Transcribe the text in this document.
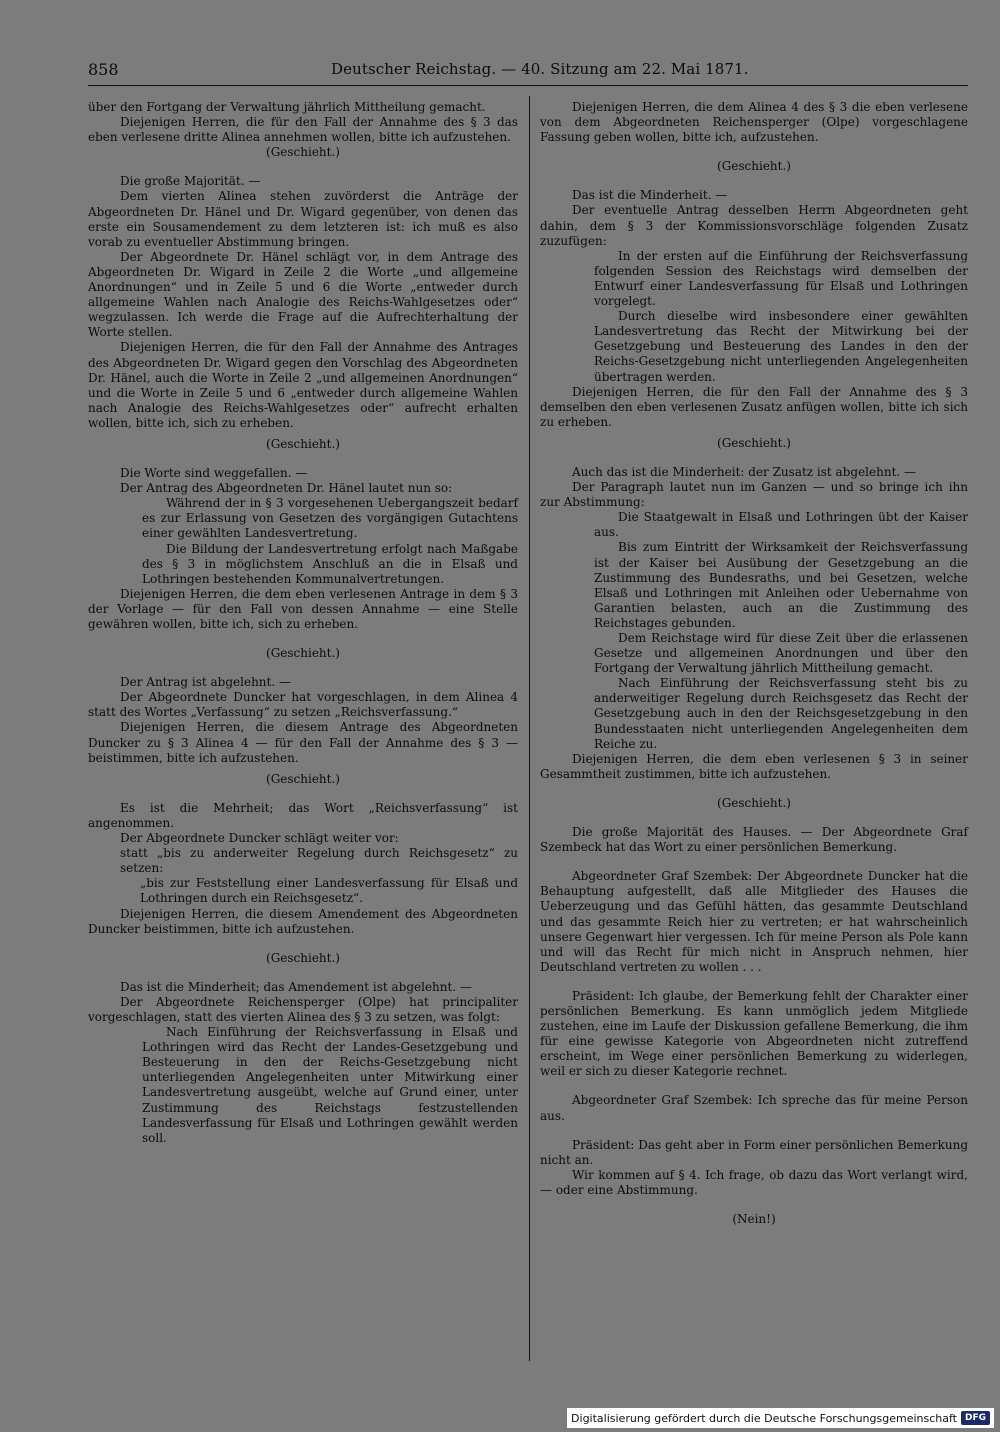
858	Deutscher Reichstag. — 40. Sitzung am 22. Mai 1871.

über den Fortgang der Verwaltung jährlich Mittheilung gemacht.

Diejenigen Herren, die für den Fall der Annahme des § 3 das eben verlesene dritte Alinea annehmen wollen, bitte ich aufzustehen.

(Geschieht.)

Die große Majorität. —

Dem vierten Alinea stehen zuvörderst die Anträge der Abgeordneten Dr. Hänel und Dr. Wigard gegenüber, von denen das erste ein Sousamendement zu dem letzteren ist: ich muß es also vorab zu eventueller Abstimmung bringen.

Der Abgeordnete Dr. Hänel schlägt vor, in dem Antrage des Abgeordneten Dr. Wigard in Zeile 2 die Worte „und allgemeine Anordnungen“ und in Zeile 5 und 6 die Worte „entweder durch allgemeine Wahlen nach Analogie des Reichs-Wahlgesetzes oder“ wegzulassen. Ich werde die Frage auf die Aufrechterhaltung der Worte stellen.

Diejenigen Herren, die für den Fall der Annahme des Antrages des Abgeordneten Dr. Wigard gegen den Vorschlag des Abgeordneten Dr. Hänel, auch die Worte in Zeile 2 „und allgemeinen Anordnungen“ und die Worte in Zeile 5 und 6 „entweder durch allgemeine Wahlen nach Analogie des Reichs-Wahlgesetzes oder“ aufrecht erhalten wollen, bitte ich, sich zu erheben.

(Geschieht.)

Die Worte sind weggefallen. —

Der Antrag des Abgeordneten Dr. Hänel lautet nun so:

Während der in § 3 vorgesehenen Uebergangszeit bedarf es zur Erlassung von Gesetzen des vorgängigen Gutachtens einer gewählten Landesvertretung.

Die Bildung der Landesvertretung erfolgt nach Maßgabe des § 3 in möglichstem Anschluß an die in Elsaß und Lothringen bestehenden Kommunalvertretungen.

Diejenigen Herren, die dem eben verlesenen Antrage in dem § 3 der Vorlage — für den Fall von dessen Annahme — eine Stelle gewähren wollen, bitte ich, sich zu erheben.

(Geschieht.)

Der Antrag ist abgelehnt. —

Der Abgeordnete Duncker hat vorgeschlagen, in dem Alinea 4 statt des Wortes „Verfassung“ zu setzen „Reichsverfassung.“

Diejenigen Herren, die diesem Antrage des Abgeordneten Duncker zu § 3 Alinea 4 — für den Fall der Annahme des § 3 — beistimmen, bitte ich aufzustehen.

(Geschieht.)

Es ist die Mehrheit; das Wort „Reichsverfassung“ ist angenommen.

Der Abgeordnete Duncker schlägt weiter vor:

statt „bis zu anderweiter Regelung durch Reichsgesetz“ zu setzen:

„bis zur Feststellung einer Landesverfassung für Elsaß und Lothringen durch ein Reichsgesetz“.

Diejenigen Herren, die diesem Amendement des Abgeordneten Duncker beistimmen, bitte ich aufzustehen.

(Geschieht.)

Das ist die Minderheit; das Amendement ist abgelehnt. —

Der Abgeordnete Reichensperger (Olpe) hat principaliter vorgeschlagen, statt des vierten Alinea des § 3 zu setzen, was folgt:

Nach Einführung der Reichsverfassung in Elsaß und Lothringen wird das Recht der Landes-Gesetzgebung und Besteuerung in den der Reichs-Gesetzgebung nicht unterliegenden Angelegenheiten unter Mitwirkung einer Landesvertretung ausgeübt, welche auf Grund einer, unter Zustimmung des Reichstags festzustellenden Landesverfassung für Elsaß und Lothringen gewählt werden soll.

Diejenigen Herren, die dem Alinea 4 des § 3 die eben verlesene von dem Abgeordneten Reichensperger (Olpe) vorgeschlagene Fassung geben wollen, bitte ich, aufzustehen.

(Geschieht.)

Das ist die Minderheit. —

Der eventuelle Antrag desselben Herrn Abgeordneten geht dahin, dem § 3 der Kommissionsvorschläge folgenden Zusatz zuzufügen:

In der ersten auf die Einführung der Reichsverfassung folgenden Session des Reichstags wird demselben der Entwurf einer Landesverfassung für Elsaß und Lothringen vorgelegt.

Durch dieselbe wird insbesondere einer gewählten Landesvertretung das Recht der Mitwirkung bei der Gesetzgebung und Besteuerung des Landes in den der Reichs-Gesetzgebung nicht unterliegenden Angelegenheiten übertragen werden.

Diejenigen Herren, die für den Fall der Annahme des § 3 demselben den eben verlesenen Zusatz anfügen wollen, bitte ich sich zu erheben.

(Geschieht.)

Auch das ist die Minderheit: der Zusatz ist abgelehnt. —

Der Paragraph lautet nun im Ganzen — und so bringe ich ihn zur Abstimmung:

Die Staatgewalt in Elsaß und Lothringen übt der Kaiser aus.

Bis zum Eintritt der Wirksamkeit der Reichsverfassung ist der Kaiser bei Ausübung der Gesetzgebung an die Zustimmung des Bundesraths, und bei Gesetzen, welche Elsaß und Lothringen mit Anleihen oder Uebernahme von Garantien belasten, auch an die Zustimmung des Reichstages gebunden.

Dem Reichstage wird für diese Zeit über die erlassenen Gesetze und allgemeinen Anordnungen und über den Fortgang der Verwaltung jährlich Mittheilung gemacht.

Nach Einführung der Reichsverfassung steht bis zu anderweitiger Regelung durch Reichsgesetz das Recht der Gesetzgebung auch in den der Reichsgesetzgebung in den Bundesstaaten nicht unterliegenden Angelegenheiten dem Reiche zu.

Diejenigen Herren, die dem eben verlesenen § 3 in seiner Gesammtheit zustimmen, bitte ich aufzustehen.

(Geschieht.)

Die große Majorität des Hauses. — Der Abgeordnete Graf Szembeck hat das Wort zu einer persönlichen Bemerkung.

Abgeordneter Graf Szembek: Der Abgeordnete Duncker hat die Behauptung aufgestellt, daß alle Mitglieder des Hauses die Ueberzeugung und das Gefühl hätten, das gesammte Deutschland und das gesammte Reich hier zu vertreten; er hat wahrscheinlich unsere Gegenwart hier vergessen. Ich für meine Person als Pole kann und will das Recht für mich nicht in Anspruch nehmen, hier Deutschland vertreten zu wollen . . .

Präsident: Ich glaube, der Bemerkung fehlt der Charakter einer persönlichen Bemerkung. Es kann unmöglich jedem Mitgliede zustehen, eine im Laufe der Diskussion gefallene Bemerkung, die ihm für eine gewisse Kategorie von Abgeordneten nicht zutreffend erscheint, im Wege einer persönlichen Bemerkung zu widerlegen, weil er sich zu dieser Kategorie rechnet.

Abgeordneter Graf Szembek: Ich spreche das für meine Person aus.

Präsident: Das geht aber in Form einer persönlichen Bemerkung nicht an.

Wir kommen auf § 4. Ich frage, ob dazu das Wort verlangt wird, — oder eine Abstimmung.

(Nein!)

Digitalisierung gefördert durch die Deutsche Forschungsgemeinschaft DFG
